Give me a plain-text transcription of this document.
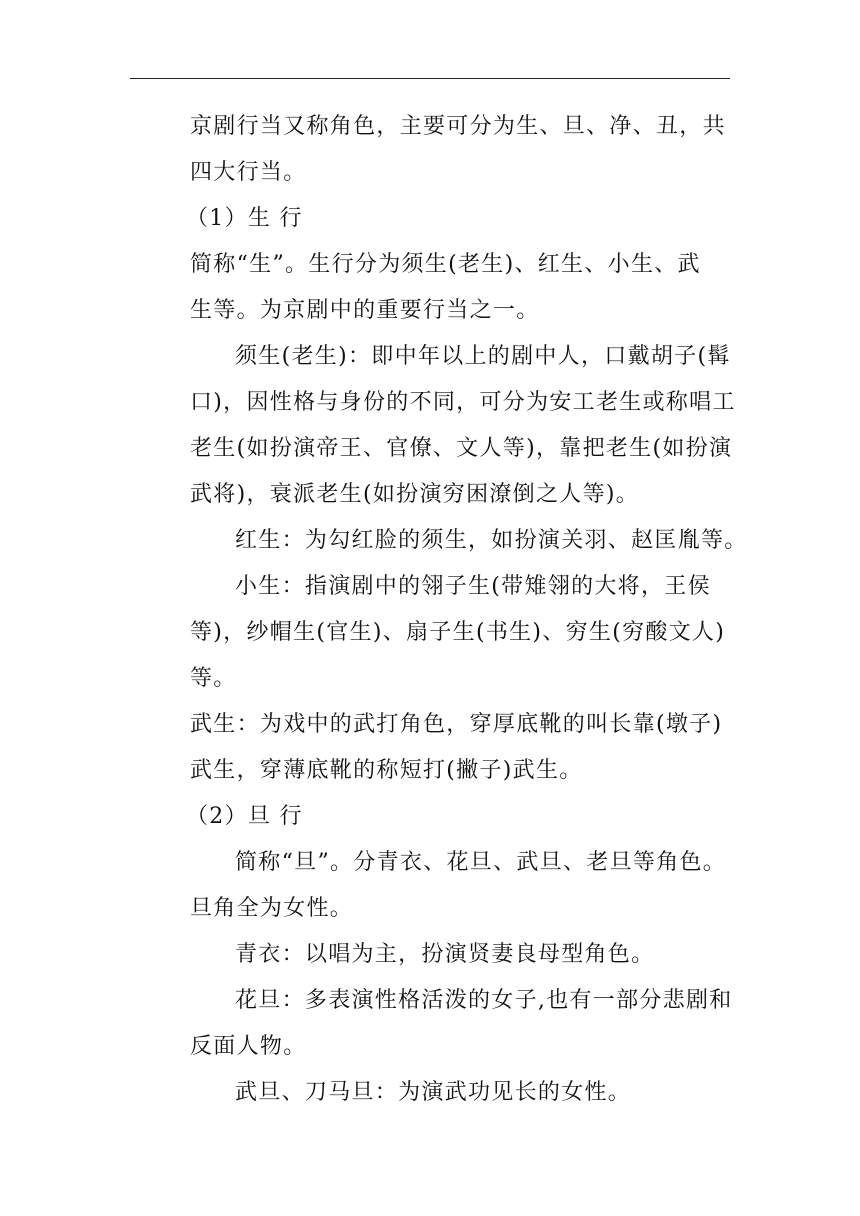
京剧行当又称角色，主要可分为生、旦、净、丑，共
四大行当。
（1）生 行
简称“生”。生行分为须生(老生)、红生、小生、武
生等。为京剧中的重要行当之一。
须生(老生)：即中年以上的剧中人，口戴胡子(髯
口)，因性格与身份的不同，可分为安工老生或称唱工
老生(如扮演帝王、官僚、文人等)，靠把老生(如扮演
武将)，衰派老生(如扮演穷困潦倒之人等)。
红生：为勾红脸的须生，如扮演关羽、赵匡胤等。
小生：指演剧中的翎子生(带雉翎的大将，王侯
等)，纱帽生(官生)、扇子生(书生)、穷生(穷酸文人)
等。
武生：为戏中的武打角色，穿厚底靴的叫长靠(墩子)
武生，穿薄底靴的称短打(撇子)武生。
（2）旦 行
简称“旦”。分青衣、花旦、武旦、老旦等角色。
旦角全为女性。
青衣：以唱为主，扮演贤妻良母型角色。
花旦：多表演性格活泼的女子,也有一部分悲剧和
反面人物。
武旦、刀马旦：为演武功见长的女性。
